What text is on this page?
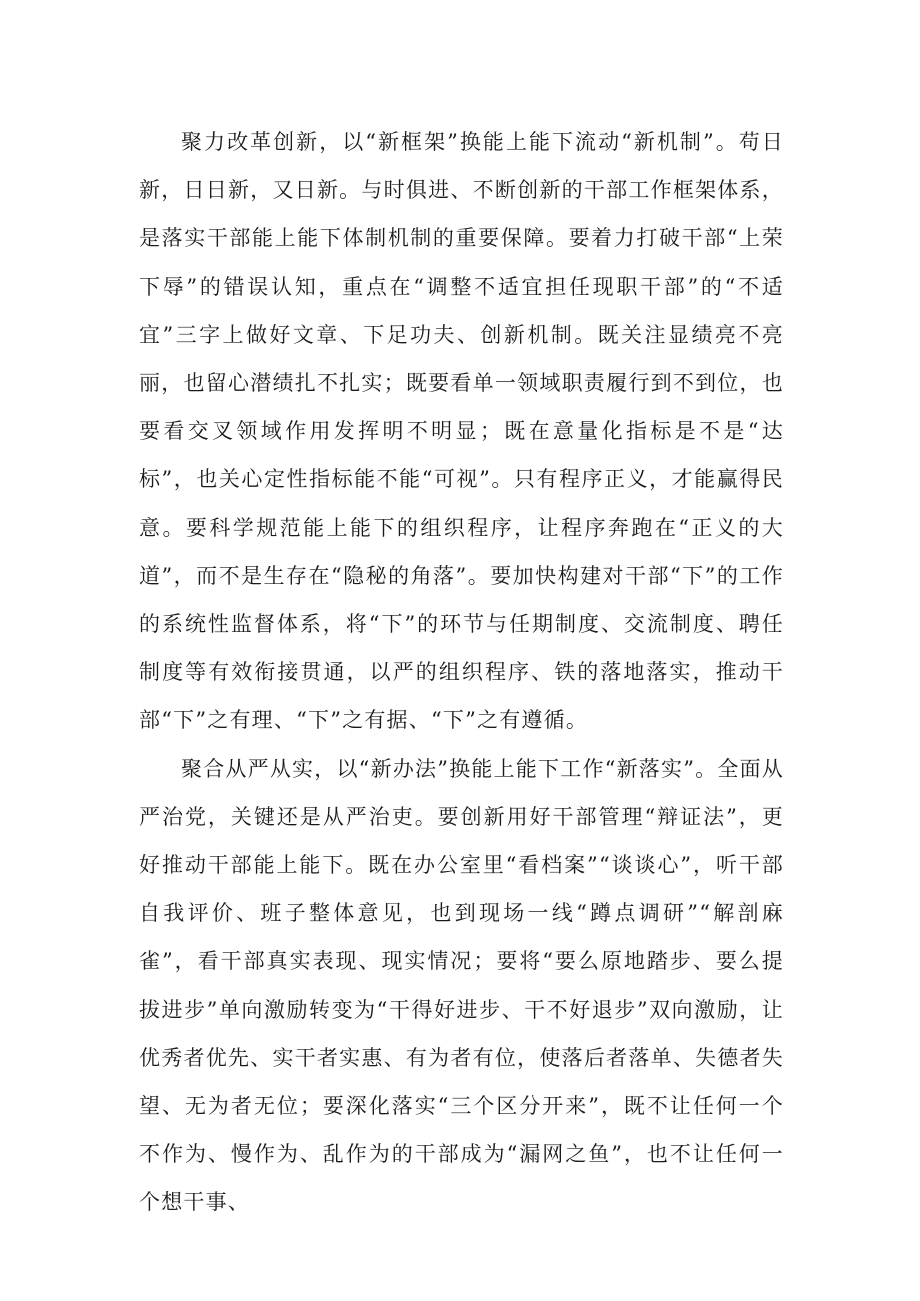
聚力改革创新，以“新框架”换能上能下流动“新机制”。苟日新，日日新，又日新。与时俱进、不断创新的干部工作框架体系，是落实干部能上能下体制机制的重要保障。要着力打破干部“上荣下辱”的错误认知，重点在“调整不适宜担任现职干部”的“不适宜”三字上做好文章、下足功夫、创新机制。既关注显绩亮不亮丽，也留心潜绩扎不扎实；既要看单一领域职责履行到不到位，也要看交叉领域作用发挥明不明显；既在意量化指标是不是“达标”，也关心定性指标能不能“可视”。只有程序正义，才能赢得民意。要科学规范能上能下的组织程序，让程序奔跑在“正义的大道”，而不是生存在“隐秘的角落”。要加快构建对干部“下”的工作的系统性监督体系，将“下”的环节与任期制度、交流制度、聘任制度等有效衔接贯通，以严的组织程序、铁的落地落实，推动干部“下”之有理、“下”之有据、“下”之有遵循。

聚合从严从实，以“新办法”换能上能下工作“新落实”。全面从严治党，关键还是从严治吏。要创新用好干部管理“辩证法”，更好推动干部能上能下。既在办公室里“看档案”“谈谈心”，听干部自我评价、班子整体意见，也到现场一线“蹲点调研”“解剖麻雀”，看干部真实表现、现实情况；要将“要么原地踏步、要么提拔进步”单向激励转变为“干得好进步、干不好退步”双向激励，让优秀者优先、实干者实惠、有为者有位，使落后者落单、失德者失望、无为者无位；要深化落实“三个区分开来”，既不让任何一个不作为、慢作为、乱作为的干部成为“漏网之鱼”，也不让任何一个想干事、
